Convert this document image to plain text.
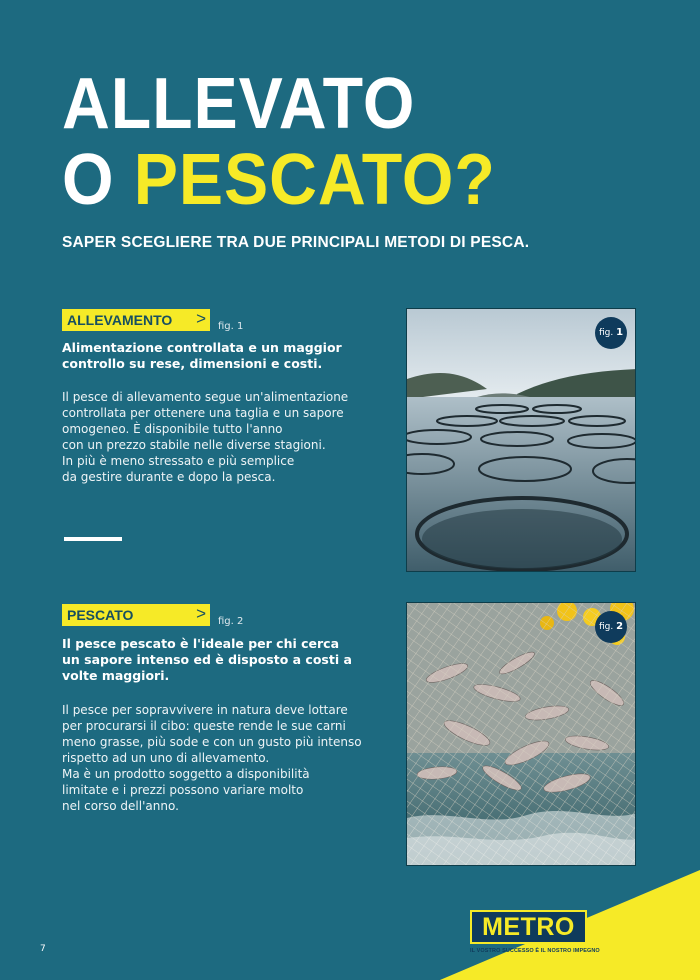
ALLEVATO
O PESCATO?
SAPER SCEGLIERE TRA DUE PRINCIPALI METODI DI PESCA.
ALLEVAMENTO > fig. 1
Alimentazione controllata e un maggior controllo su rese, dimensioni e costi.

Il pesce di allevamento segue un'alimentazione

controllata per ottenere una taglia e un sapore

omogeneo. È disponibile tutto l'anno

con un prezzo stabile nelle diverse stagioni.

In più è meno stressato e più semplice

da gestire durante e dopo la pesca.

fig. 1
PESCATO	> fig. 2
Il pesce pescato è l'ideale per chi cerca un sapore intenso ed è disposto a costi a volte maggiori.

Il pesce per sopravvivere in natura deve lottare

per procurarsi il cibo: queste rende le sue carni

meno grasse, più sode e con un gusto più intenso

rispetto ad un uno di allevamento.

Ma è un prodotto soggetto a disponibilità

limitate e i prezzi possono variare molto

nel corso dell'anno.

fig. 2
7
METRO
IL VOSTRO SUCCESSO È IL NOSTRO IMPEGNO
